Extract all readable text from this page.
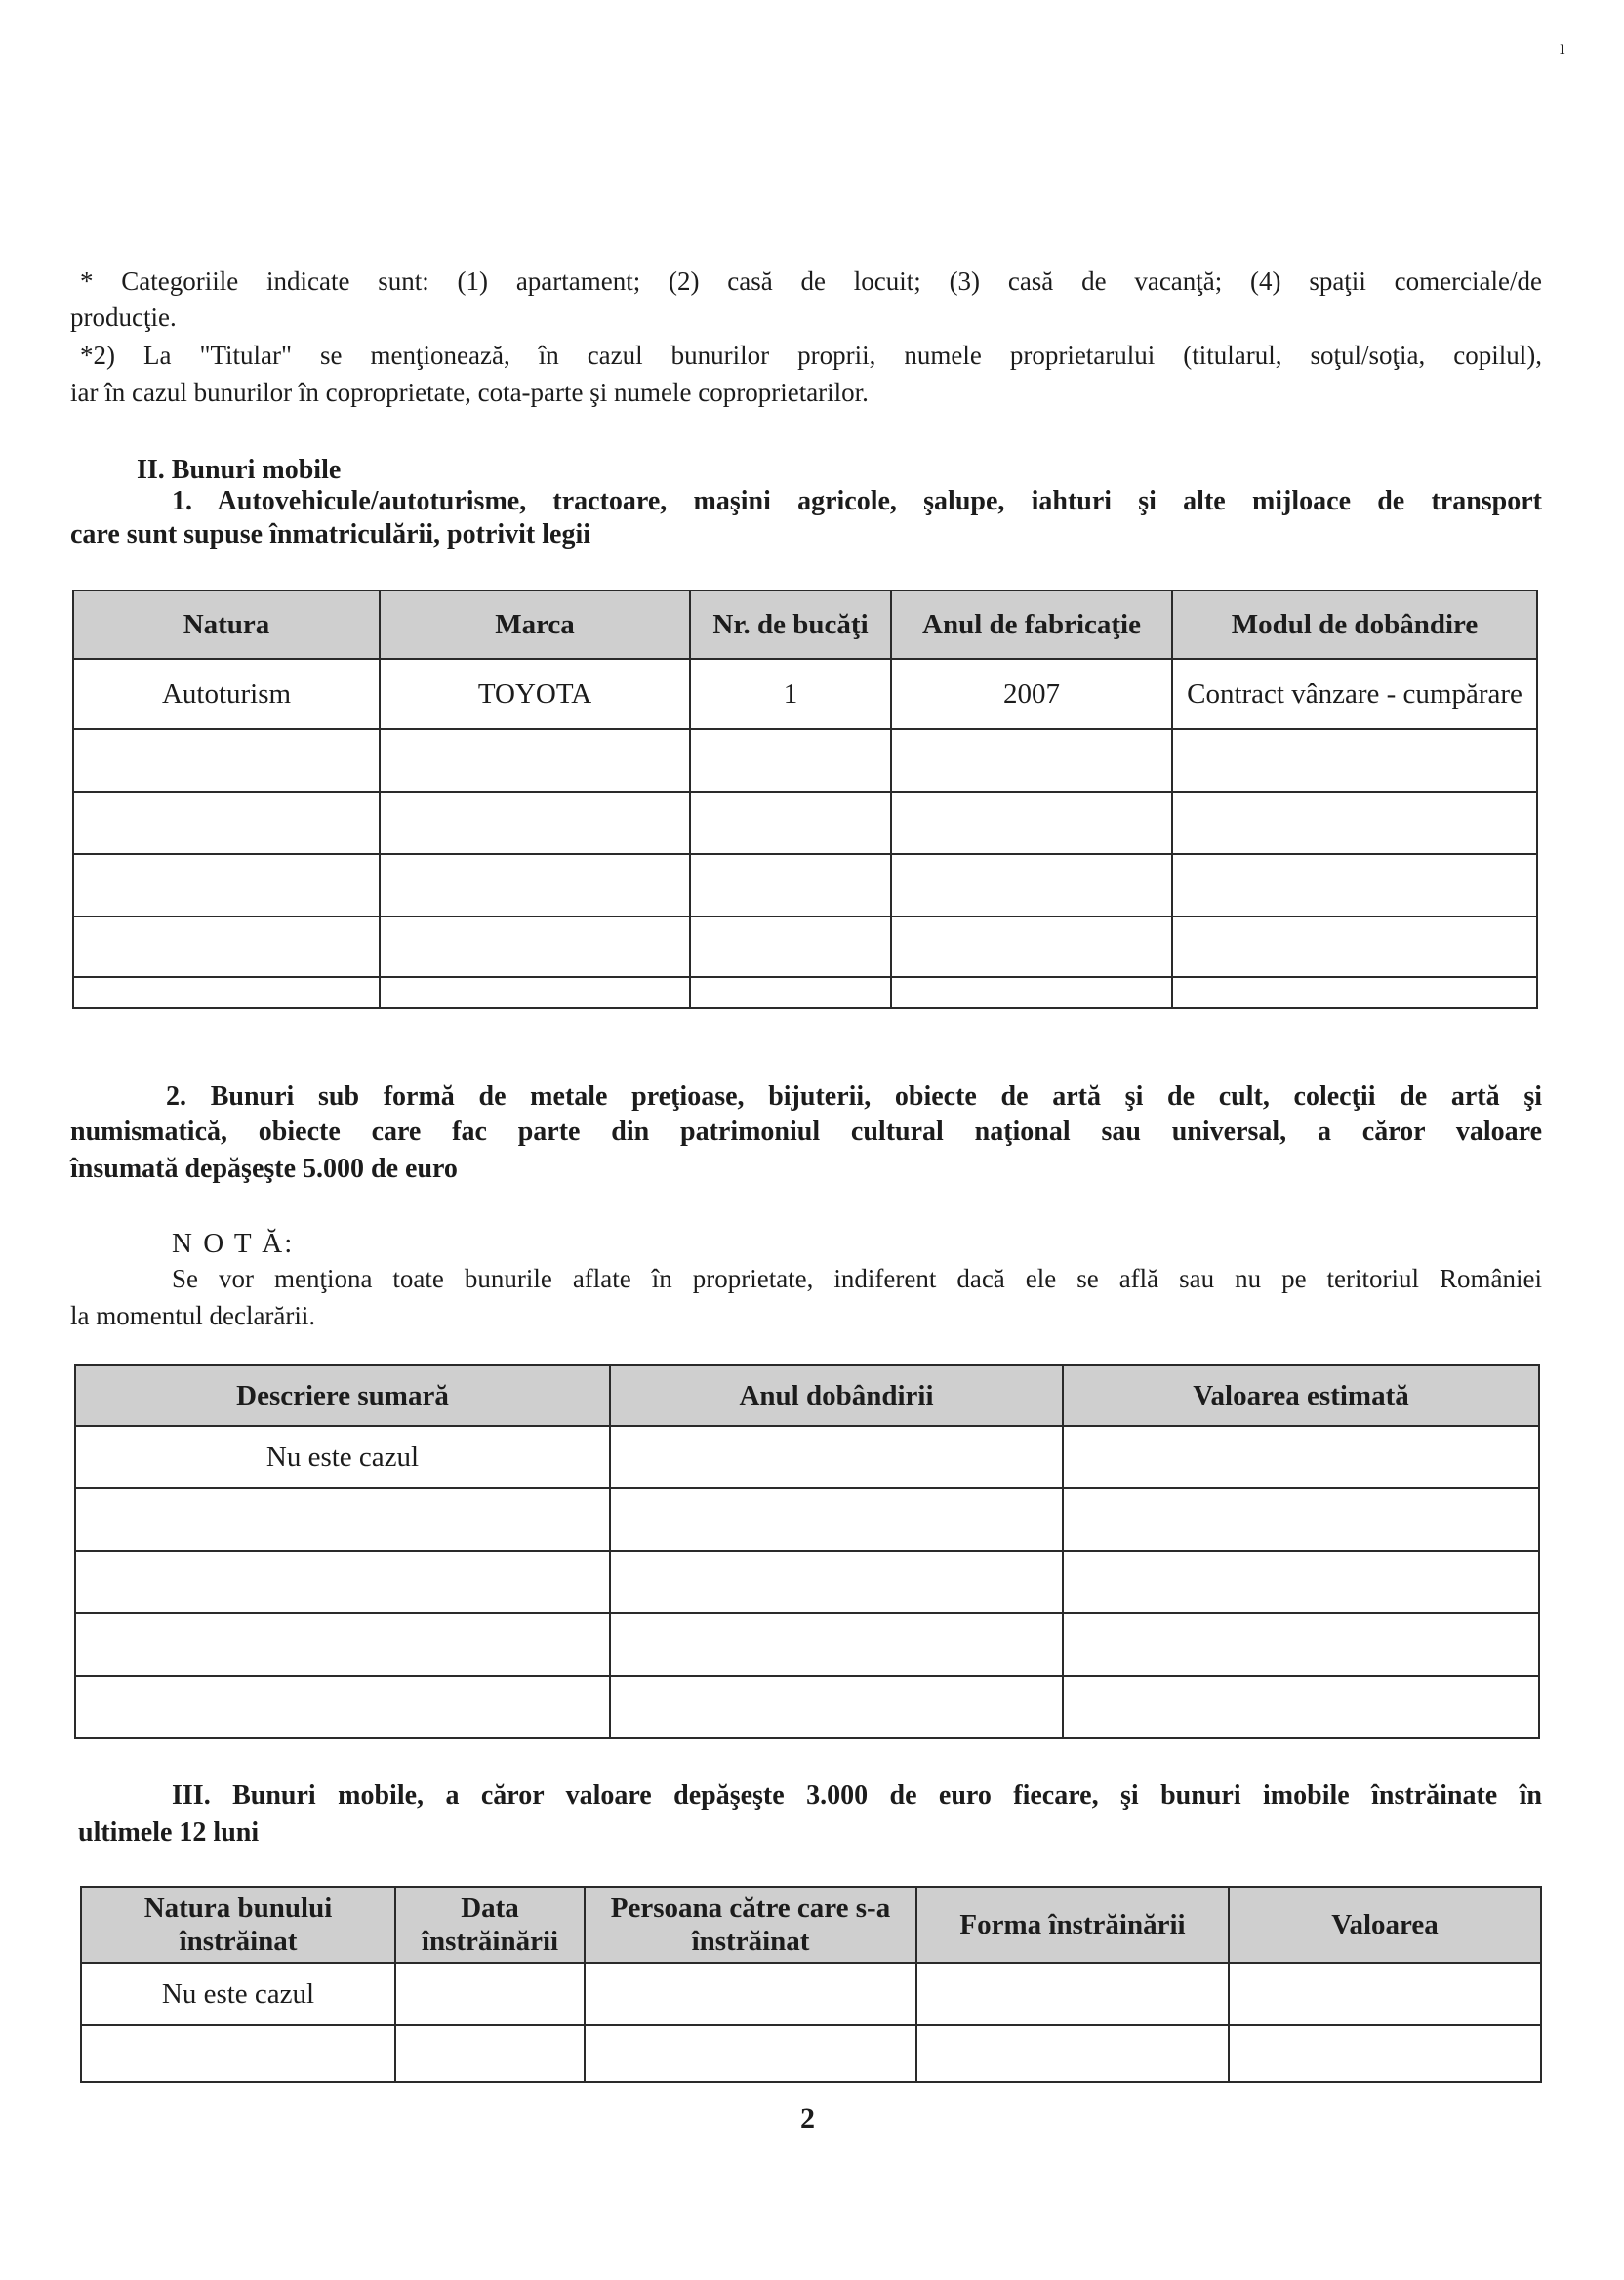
ı
* Categoriile indicate sunt: (1) apartament; (2) casă de locuit; (3) casă de vacanţă; (4) spaţii comerciale/de
producţie.
*2) La "Titular" se menţionează, în cazul bunurilor proprii, numele proprietarului (titularul, soţul/soţia, copilul),
iar în cazul bunurilor în coproprietate, cota-parte şi numele coproprietarilor.
II. Bunuri mobile
1. Autovehicule/autoturisme, tractoare, maşini agricole, şalupe, iahturi şi alte mijloace de transport
care sunt supuse înmatriculării, potrivit legii
Natura	Marca	Nr. de bucăţi	Anul de fabricaţie	Modul de dobândire
Autoturism	TOYOTA	1	2007	Contract vânzare - cumpărare

2. Bunuri sub formă de metale preţioase, bijuterii, obiecte de artă şi de cult, colecţii de artă şi
numismatică, obiecte care fac parte din patrimoniul cultural naţional sau universal, a căror valoare
însumată depăşeşte 5.000 de euro
N O T Ă:
Se vor menţiona toate bunurile aflate în proprietate, indiferent dacă ele se află sau nu pe teritoriul României
la momentul declarării.
Descriere sumară	Anul dobândirii	Valoarea estimată
Nu este cazul		

III. Bunuri mobile, a căror valoare depăşeşte 3.000 de euro fiecare, şi bunuri imobile înstrăinate în
ultimele 12 luni
Natura bunului înstrăinat	Data înstrăinării	Persoana către care s-a înstrăinat	Forma înstrăinării	Valoarea
Nu este cazul				

2
